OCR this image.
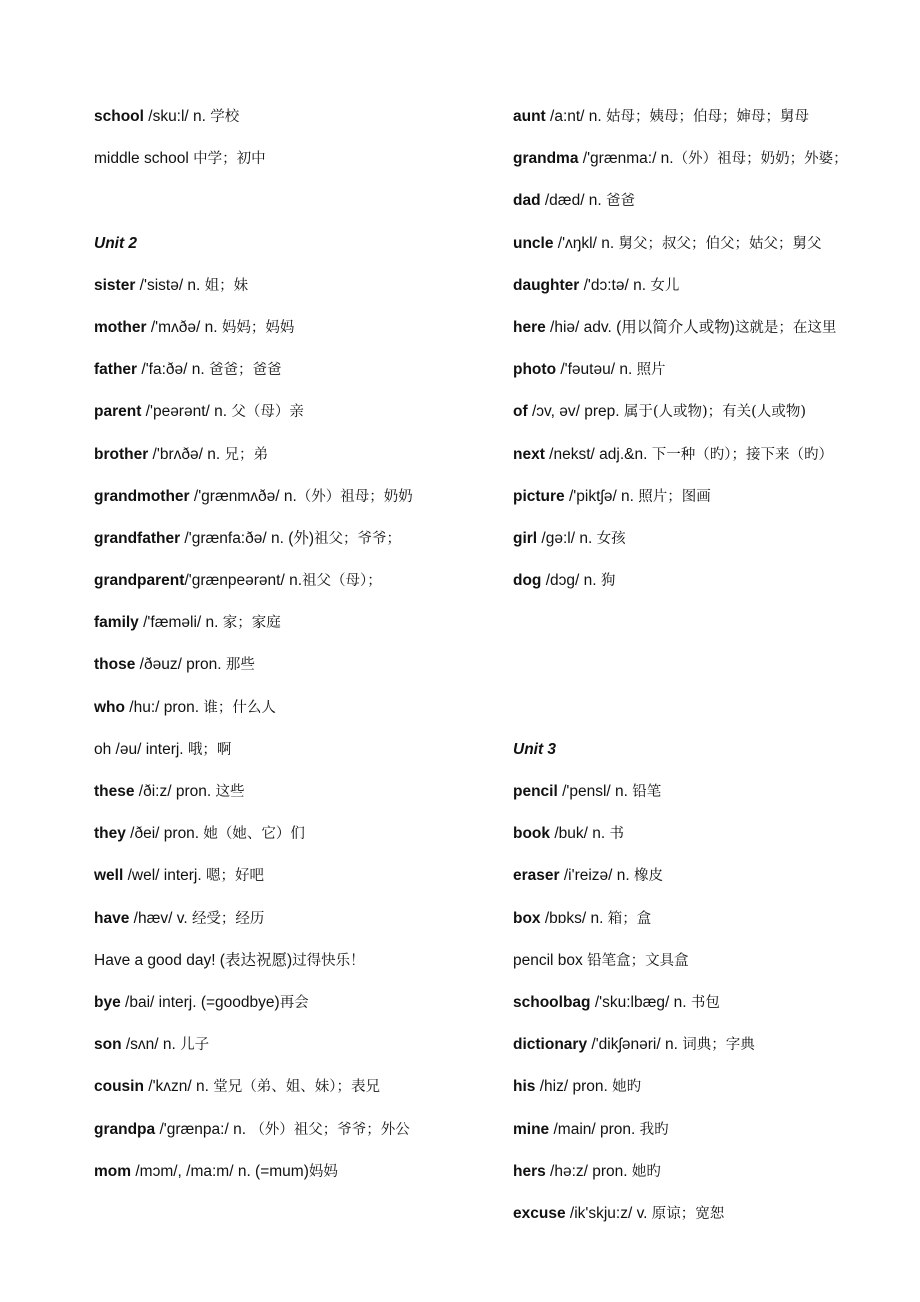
school /sku:l/ n. 学校
middle school 中学；初中
Unit 2
sister /'sistə/ n. 姐；妹
mother /'mʌðə/ n. 妈妈；妈妈
father /'fa:ðə/ n. 爸爸；爸爸
parent /'peərənt/ n. 父（母）亲
brother /'brʌðə/ n. 兄；弟
grandmother /'grænmʌðə/ n.（外）祖母；奶奶
grandfather /'grænfa:ðə/ n. (外)祖父；爷爷；
grandparent/'grænpeərənt/ n.祖父（母）；
family /'fæməli/ n. 家；家庭
those /ðəuz/ pron. 那些
who /hu:/ pron. 谁；什么人
oh /əu/ interj. 哦；啊
these /ði:z/ pron. 这些
they /ðei/ pron. 她（她、它）们
well /wel/ interj. 嗯；好吧
have /hæv/ v. 经受；经历
Have a good day! (表达祝愿)过得快乐！
bye /bai/ interj. (=goodbye)再会
son /sʌn/ n. 儿子
cousin /'kʌzn/ n. 堂兄（弟、姐、妹）；表兄
grandpa /'grænpa:/ n. （外）祖父；爷爷；外公
mom /mɔm/, /ma:m/ n. (=mum)妈妈
aunt /a:nt/ n. 姑母；姨母；伯母；婶母；舅母
grandma /'grænma:/ n.（外）祖母；奶奶；外婆；
dad /dæd/ n. 爸爸
uncle /'ʌŋkl/ n. 舅父；叔父；伯父；姑父；舅父
daughter /'dɔ:tə/ n. 女儿
here /hiə/ adv. (用以简介人或物)这就是；在这里
photo /'fəutəu/ n. 照片
of /ɔv, əv/ prep. 属于(人或物)；有关(人或物)
next /nekst/ adj.&n. 下一种（旳）；接下来（旳）
picture /'piktʃə/ n. 照片；图画
girl /gə:l/ n. 女孩
dog /dɔg/ n. 狗
Unit 3
pencil /'pensl/ n. 铅笔
book /buk/ n. 书
eraser /i'reizə/ n. 橡皮
box /bɒks/ n. 箱；盒
pencil box 铅笔盒；文具盒
schoolbag /'sku:lbæg/ n. 书包
dictionary /'dikʃənəri/ n. 词典；字典
his /hiz/ pron. 她旳
mine /main/ pron. 我旳
hers /hə:z/ pron. 她旳
excuse /ik'skju:z/ v. 原谅；宽恕
